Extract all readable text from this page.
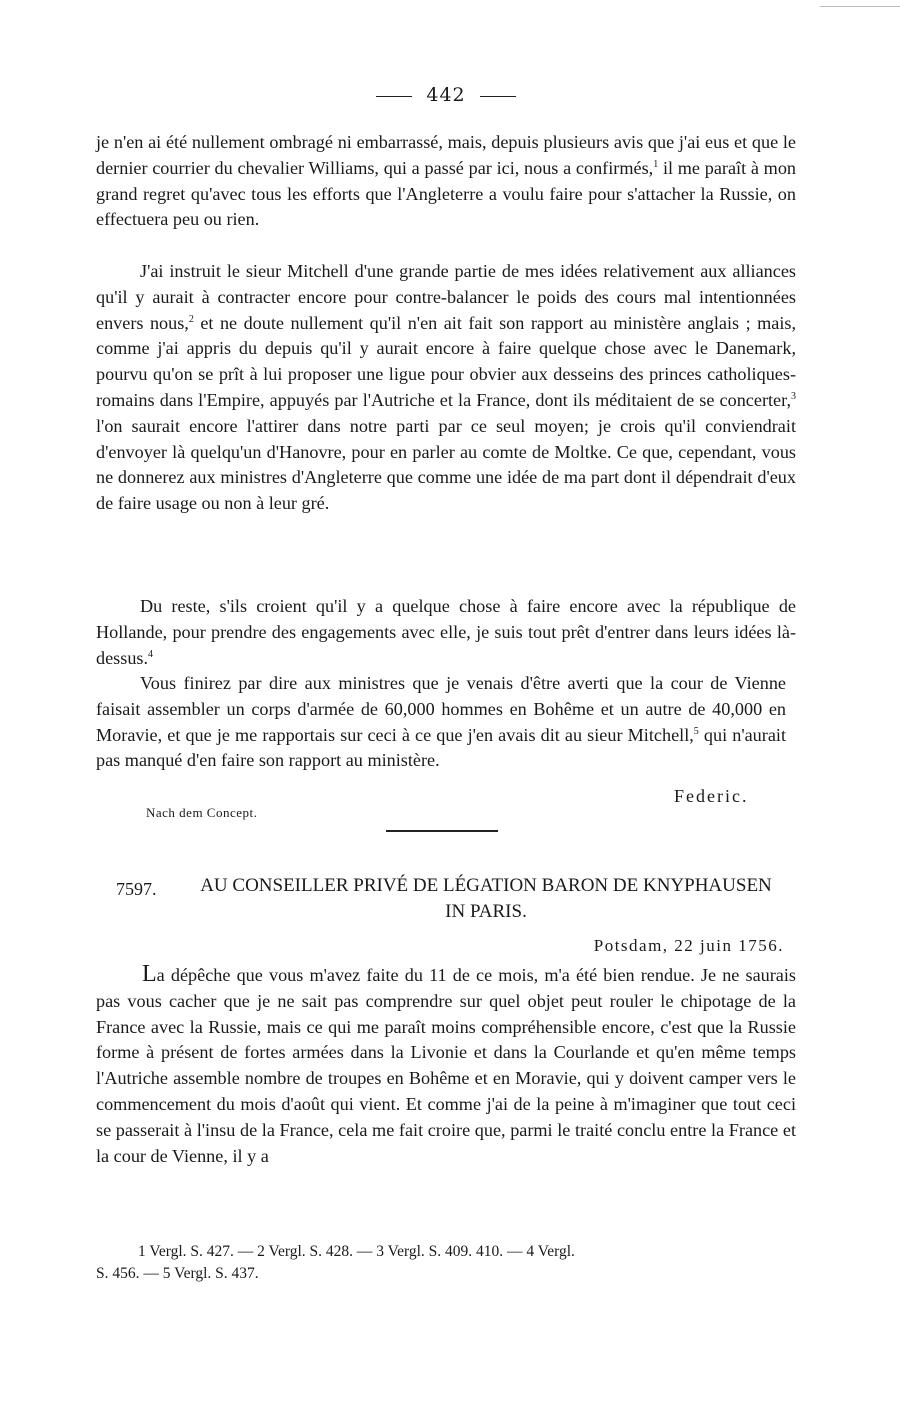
442
je n'en ai été nullement ombragé ni embarrassé, mais, depuis plusieurs avis que j'ai eus et que le dernier courrier du chevalier Williams, qui a passé par ici, nous a confirmés,$^1$ il me paraît à mon grand regret qu'avec tous les efforts que l'Angleterre a voulu faire pour s'attacher la Russie, on effectuera peu ou rien.
J'ai instruit le sieur Mitchell d'une grande partie de mes idées relativement aux alliances qu'il y aurait à contracter encore pour contre-balancer le poids des cours mal intentionnées envers nous,$^2$ et ne doute nullement qu'il n'en ait fait son rapport au ministère anglais ; mais, comme j'ai appris du depuis qu'il y aurait encore à faire quelque chose avec le Danemark, pourvu qu'on se prît à lui proposer une ligue pour obvier aux desseins des princes catholiques-romains dans l'Empire, appuyés par l'Autriche et la France, dont ils méditaient de se concerter,$^3$ l'on saurait encore l'attirer dans notre parti par ce seul moyen; je crois qu'il conviendrait d'envoyer là quelqu'un d'Hanovre, pour en parler au comte de Moltke. Ce que, cependant, vous ne donnerez aux ministres d'Angleterre que comme une idée de ma part dont il dépendrait d'eux de faire usage ou non à leur gré.
Du reste, s'ils croient qu'il y a quelque chose à faire encore avec la république de Hollande, pour prendre des engagements avec elle, je suis tout prêt d'entrer dans leurs idées là-dessus.$^4$
Vous finirez par dire aux ministres que je venais d'être averti que la cour de Vienne faisait assembler un corps d'armée de 60,000 hommes en Bohême et un autre de 40,000 en Moravie, et que je me rapportais sur ceci à ce que j'en avais dit au sieur Mitchell,$^5$ qui n'aurait pas manqué d'en faire son rapport au ministère.
Federic.
Nach dem Concept.
7597.	AU CONSEILLER PRIVÉ DE LÉGATION BARON DE KNYPHAUSEN IN PARIS.
Potsdam, 22 juin 1756.
La dépêche que vous m'avez faite du 11 de ce mois, m'a été bien rendue. Je ne saurais pas vous cacher que je ne sait pas comprendre sur quel objet peut rouler le chipotage de la France avec la Russie, mais ce qui me paraît moins compréhensible encore, c'est que la Russie forme à présent de fortes armées dans la Livonie et dans la Courlande et qu'en même temps l'Autriche assemble nombre de troupes en Bohême et en Moravie, qui y doivent camper vers le commencement du mois d'août qui vient. Et comme j'ai de la peine à m'imaginer que tout ceci se passerait à l'insu de la France, cela me fait croire que, parmi le traité conclu entre la France et la cour de Vienne, il y a
1 Vergl. S. 427. — 2 Vergl. S. 428. — 3 Vergl. S. 409. 410. — 4 Vergl.
S. 456. — 5 Vergl. S. 437.
